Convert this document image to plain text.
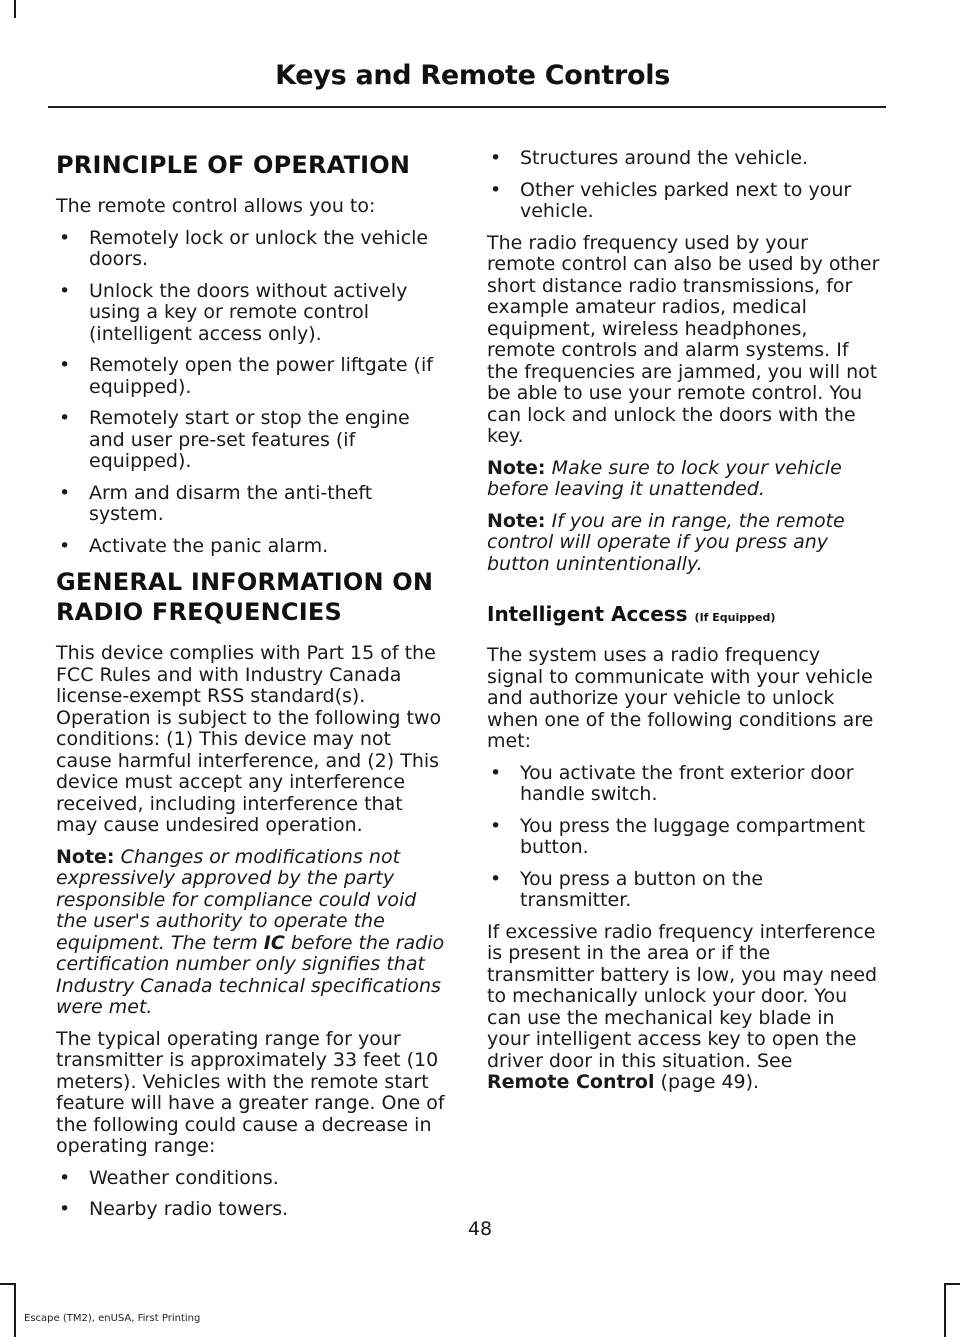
Keys and Remote Controls
PRINCIPLE OF OPERATION

The remote control allows you to:

• Remotely lock or unlock the vehicle doors.
• Unlock the doors without actively using a key or remote control (intelligent access only).
• Remotely open the power liftgate (if equipped).
• Remotely start or stop the engine and user pre-set features (if equipped).
• Arm and disarm the anti-theft system.
• Activate the panic alarm.
GENERAL INFORMATION ON
RADIO FREQUENCIES

This device complies with Part 15 of the FCC Rules and with Industry Canada license-exempt RSS standard(s). Operation is subject to the following two conditions: (1) This device may not cause harmful interference, and (2) This device must accept any interference received, including interference that may cause undesired operation.

Note: Changes or modifications not expressively approved by the party responsible for compliance could void the user's authority to operate the equipment. The term IC before the radio certification number only signifies that Industry Canada technical specifications were met.

The typical operating range for your transmitter is approximately 33 feet (10 meters). Vehicles with the remote start feature will have a greater range. One of the following could cause a decrease in operating range:

• Weather conditions.
• Nearby radio towers.
• Structures around the vehicle.
• Other vehicles parked next to your vehicle.

The radio frequency used by your remote control can also be used by other short distance radio transmissions, for example amateur radios, medical equipment, wireless headphones, remote controls and alarm systems. If the frequencies are jammed, you will not be able to use your remote control. You can lock and unlock the doors with the key.

Note: Make sure to lock your vehicle before leaving it unattended.

Note: If you are in range, the remote control will operate if you press any button unintentionally.

Intelligent Access (If Equipped)

The system uses a radio frequency signal to communicate with your vehicle and authorize your vehicle to unlock when one of the following conditions are met:

• You activate the front exterior door handle switch.
• You press the luggage compartment button.
• You press a button on the transmitter.

If excessive radio frequency interference is present in the area or if the transmitter battery is low, you may need to mechanically unlock your door. You can use the mechanical key blade in your intelligent access key to open the driver door in this situation. See Remote Control (page 49).

48
Escape (TM2), enUSA, First Printing
